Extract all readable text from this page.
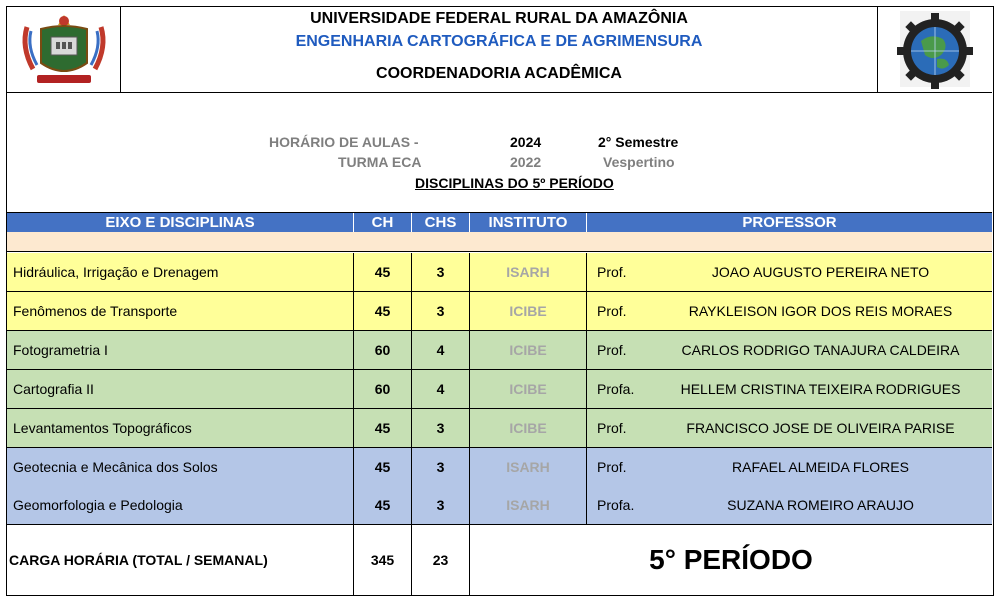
UNIVERSIDADE FEDERAL RURAL DA AMAZÔNIA
ENGENHARIA CARTOGRÁFICA E DE AGRIMENSURA
COORDENADORIA ACADÊMICA
HORÁRIO DE AULAS -	2024	2° Semestre
TURMA ECA	2022	Vespertino
DISCIPLINAS DO 5º PERÍODO
EIXO E DISCIPLINAS	CH	CHS	INSTITUTO	PROFESSOR
Hidráulica, Irrigação e Drenagem	45	3	ISARH	Prof.	JOAO AUGUSTO PEREIRA NETO
Fenômenos de Transporte	45	3	ICIBE	Prof.	RAYKLEISON IGOR DOS REIS MORAES
Fotogrametria I	60	4	ICIBE	Prof.	CARLOS RODRIGO TANAJURA CALDEIRA
Cartografia II	60	4	ICIBE	Profa.	HELLEM CRISTINA TEIXEIRA RODRIGUES
Levantamentos Topográficos	45	3	ICIBE	Prof.	FRANCISCO JOSE DE OLIVEIRA PARISE
Geotecnia e Mecânica dos Solos	45	3	ISARH	Prof.	RAFAEL ALMEIDA FLORES
Geomorfologia e Pedologia	45	3	ISARH	Profa.	SUZANA ROMEIRO ARAUJO
CARGA HORÁRIA (TOTAL / SEMANAL)	345	23	5° PERÍODO
